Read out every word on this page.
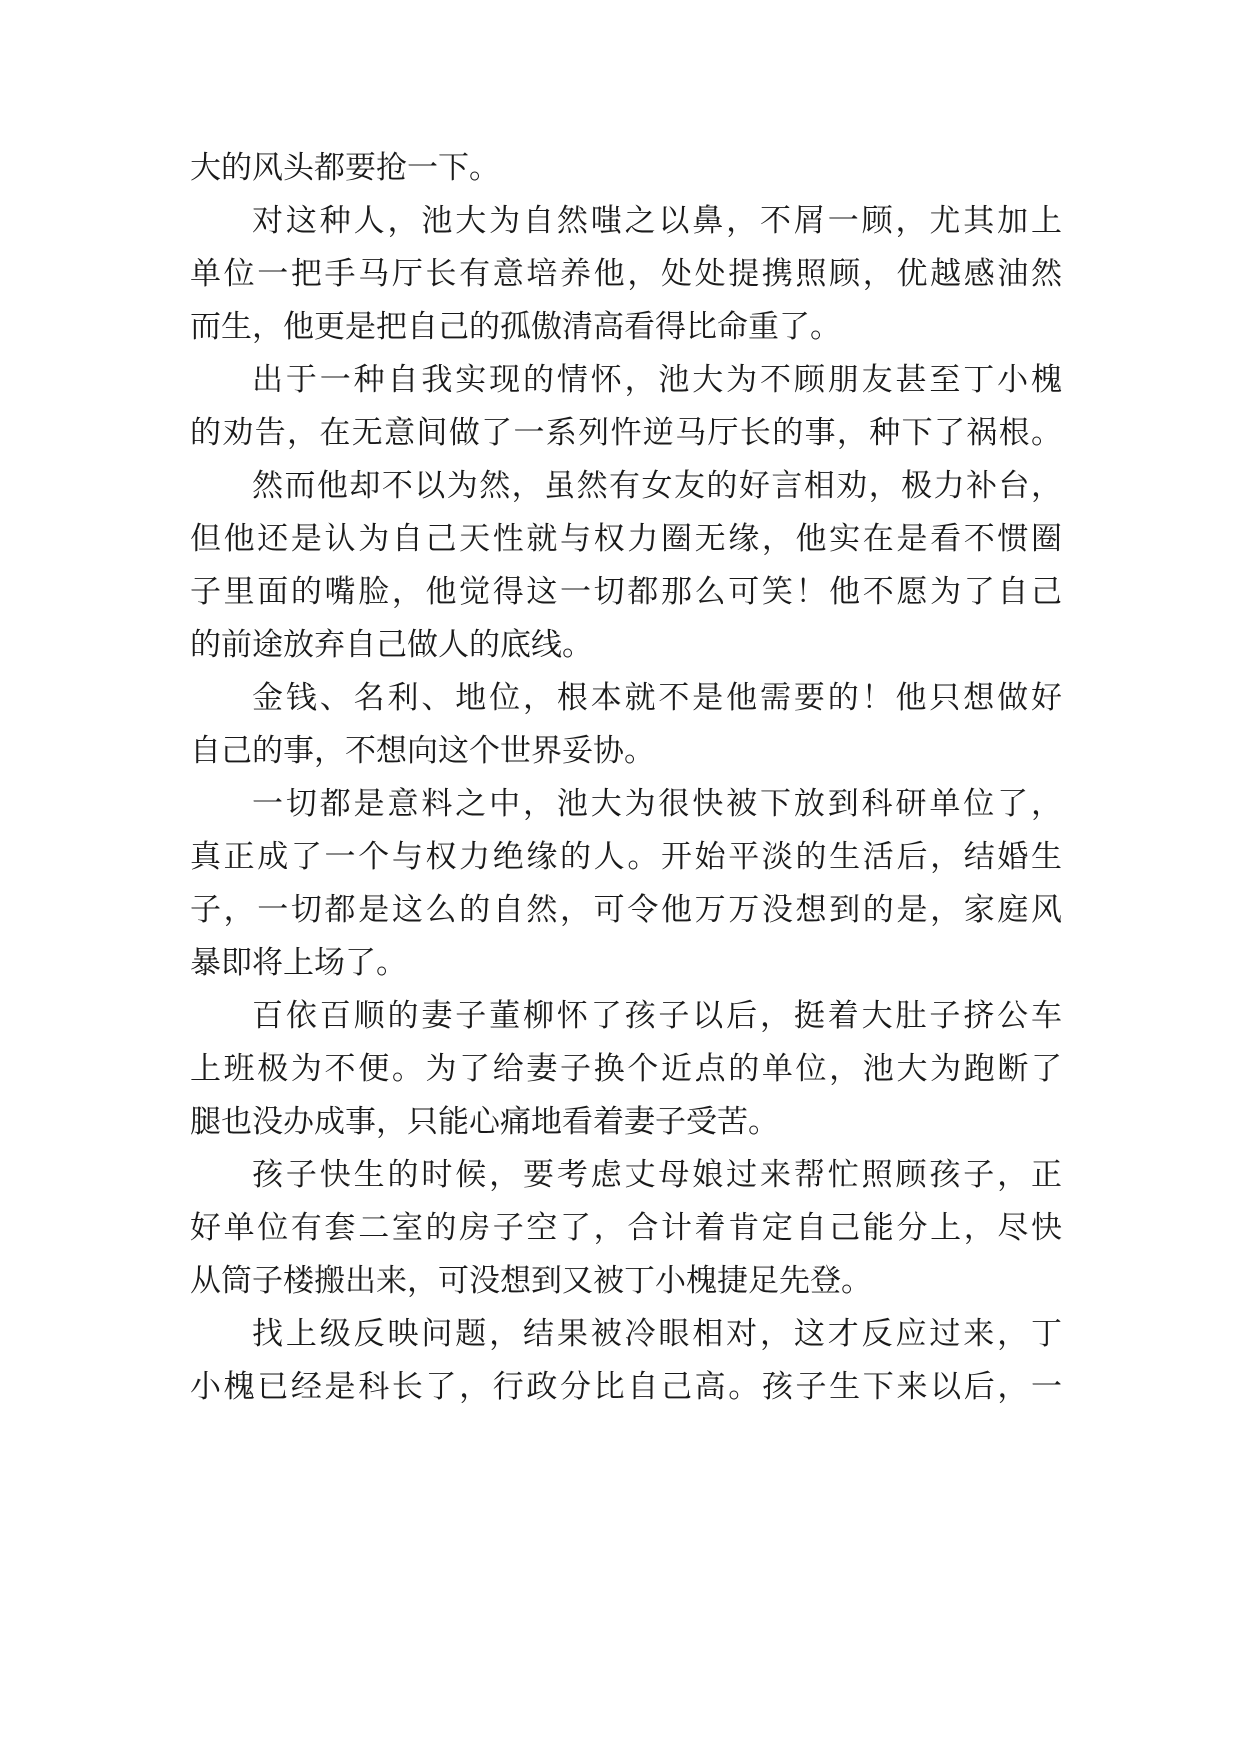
大的风头都要抢一下。
对这种人，池大为自然嗤之以鼻，不屑一顾，尤其加上
单位一把手马厅长有意培养他，处处提携照顾，优越感油然
而生，他更是把自己的孤傲清高看得比命重了。
出于一种自我实现的情怀，池大为不顾朋友甚至丁小槐
的劝告，在无意间做了一系列忤逆马厅长的事，种下了祸根。
然而他却不以为然，虽然有女友的好言相劝，极力补台，
但他还是认为自己天性就与权力圈无缘，他实在是看不惯圈
子里面的嘴脸，他觉得这一切都那么可笑！他不愿为了自己
的前途放弃自己做人的底线。
金钱、名利、地位，根本就不是他需要的！他只想做好
自己的事，不想向这个世界妥协。
一切都是意料之中，池大为很快被下放到科研单位了，
真正成了一个与权力绝缘的人。开始平淡的生活后，结婚生
子，一切都是这么的自然，可令他万万没想到的是，家庭风
暴即将上场了。
百依百顺的妻子董柳怀了孩子以后，挺着大肚子挤公车
上班极为不便。为了给妻子换个近点的单位，池大为跑断了
腿也没办成事，只能心痛地看着妻子受苦。
孩子快生的时候，要考虑丈母娘过来帮忙照顾孩子，正
好单位有套二室的房子空了，合计着肯定自己能分上，尽快
从筒子楼搬出来，可没想到又被丁小槐捷足先登。
找上级反映问题，结果被冷眼相对，这才反应过来，丁
小槐已经是科长了，行政分比自己高。孩子生下来以后，一
